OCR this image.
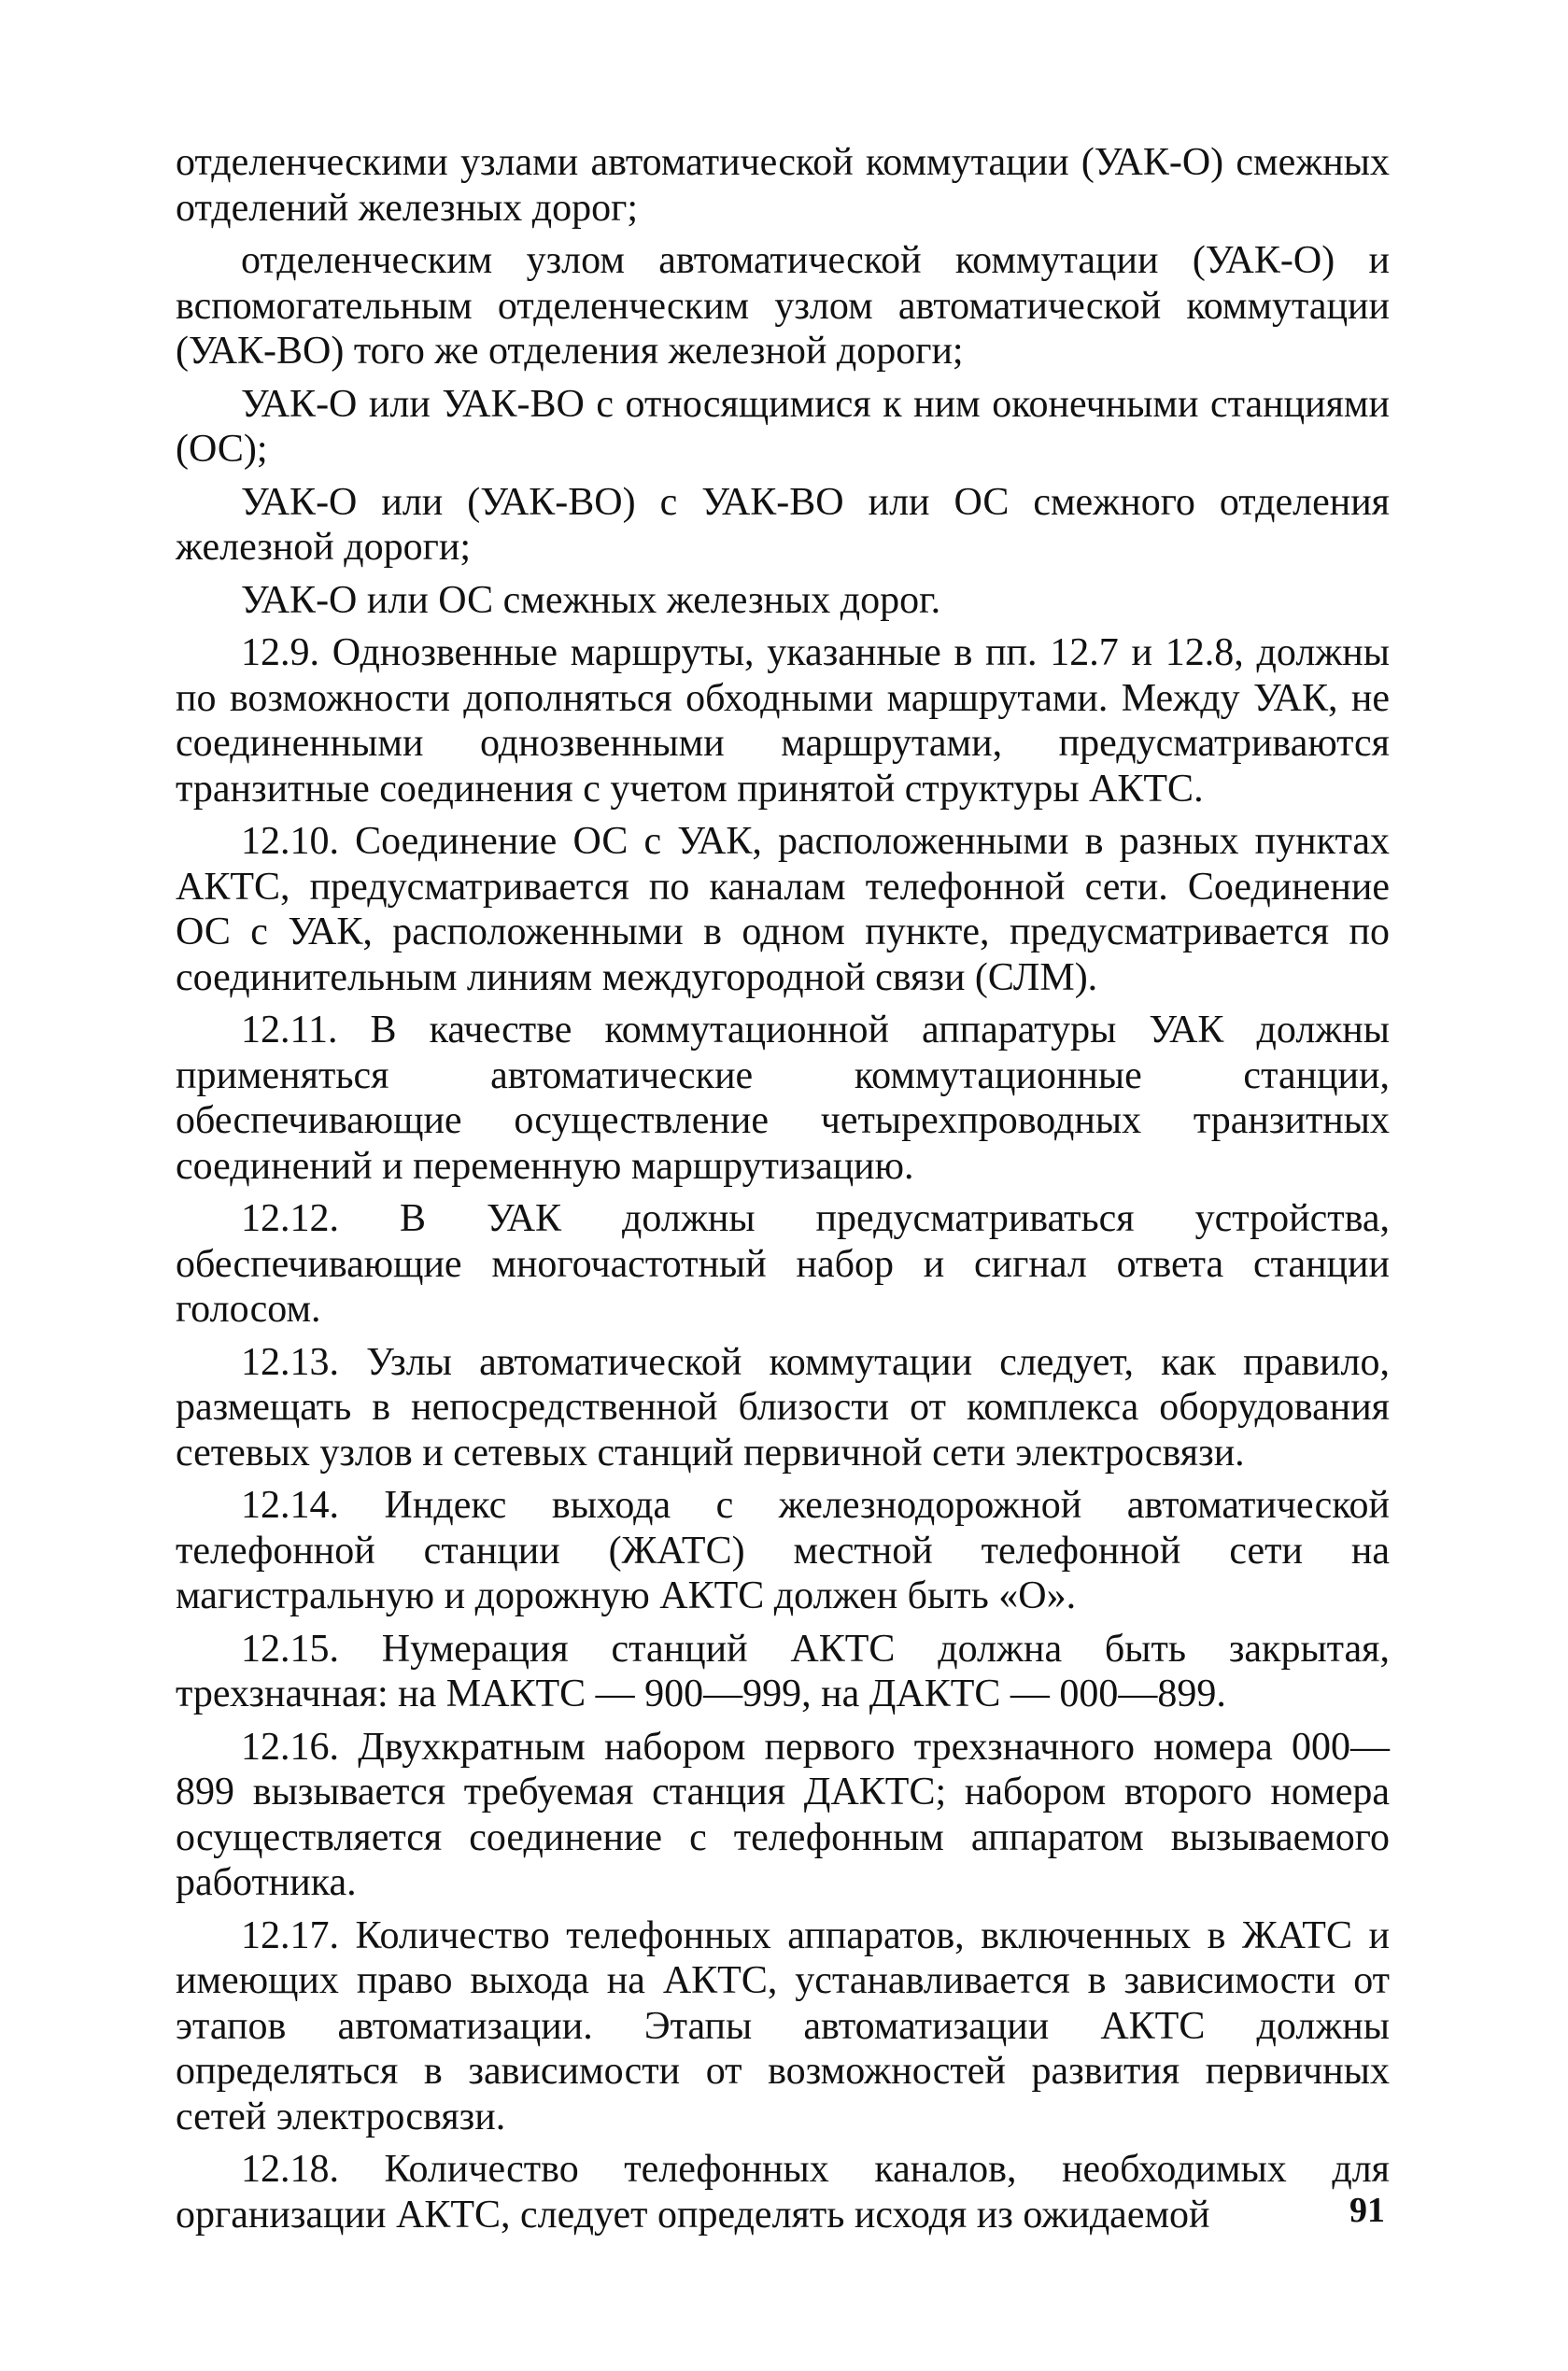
отделенческими узлами автоматической коммутации (УАК-О) смежных отделений железных дорог;

отделенческим узлом автоматической коммутации (УАК-О) и вспомогательным отделенческим узлом автоматической коммутации (УАК-ВО) того же отделения железной дороги;

УАК-О или УАК-ВО с относящимися к ним оконечными станциями (ОС);

УАК-О или (УАК-ВО) с УАК-ВО или ОС смежного отделения железной дороги;

УАК-О или ОС смежных железных дорог.

12.9. Однозвенные маршруты, указанные в пп. 12.7 и 12.8, должны по возможности дополняться обходными маршрутами. Между УАК, не соединенными однозвенными маршрутами, предусматриваются транзитные соединения с учетом принятой структуры АКТС.

12.10. Соединение ОС с УАК, расположенными в разных пунктах АКТС, предусматривается по каналам телефонной сети. Соединение ОС с УАК, расположенными в одном пункте, предусматривается по соединительным линиям междугородной связи (СЛМ).

12.11. В качестве коммутационной аппаратуры УАК должны применяться автоматические коммутационные станции, обеспечивающие осуществление четырехпроводных транзитных соединений и переменную маршрутизацию.

12.12. В УАК должны предусматриваться устройства, обеспечивающие многочастотный набор и сигнал ответа станции голосом.

12.13. Узлы автоматической коммутации следует, как правило, размещать в непосредственной близости от комплекса оборудования сетевых узлов и сетевых станций первичной сети электросвязи.

12.14. Индекс выхода с железнодорожной автоматической телефонной станции (ЖАТС) местной телефонной сети на магистральную и дорожную АКТС должен быть «О».

12.15. Нумерация станций АКТС должна быть закрытая, трехзначная: на МАКТС — 900—999, на ДАКТС — 000—899.

12.16. Двухкратным набором первого трехзначного номера 000—899 вызывается требуемая станция ДАКТС; набором второго номера осуществляется соединение с телефонным аппаратом вызываемого работника.

12.17. Количество телефонных аппаратов, включенных в ЖАТС и имеющих право выхода на АКТС, устанавливается в зависимости от этапов автоматизации. Этапы автоматизации АКТС должны определяться в зависимости от возможностей развития первичных сетей электросвязи.

12.18. Количество телефонных каналов, необходимых для организации АКТС, следует определять исходя из ожидаемой	91
